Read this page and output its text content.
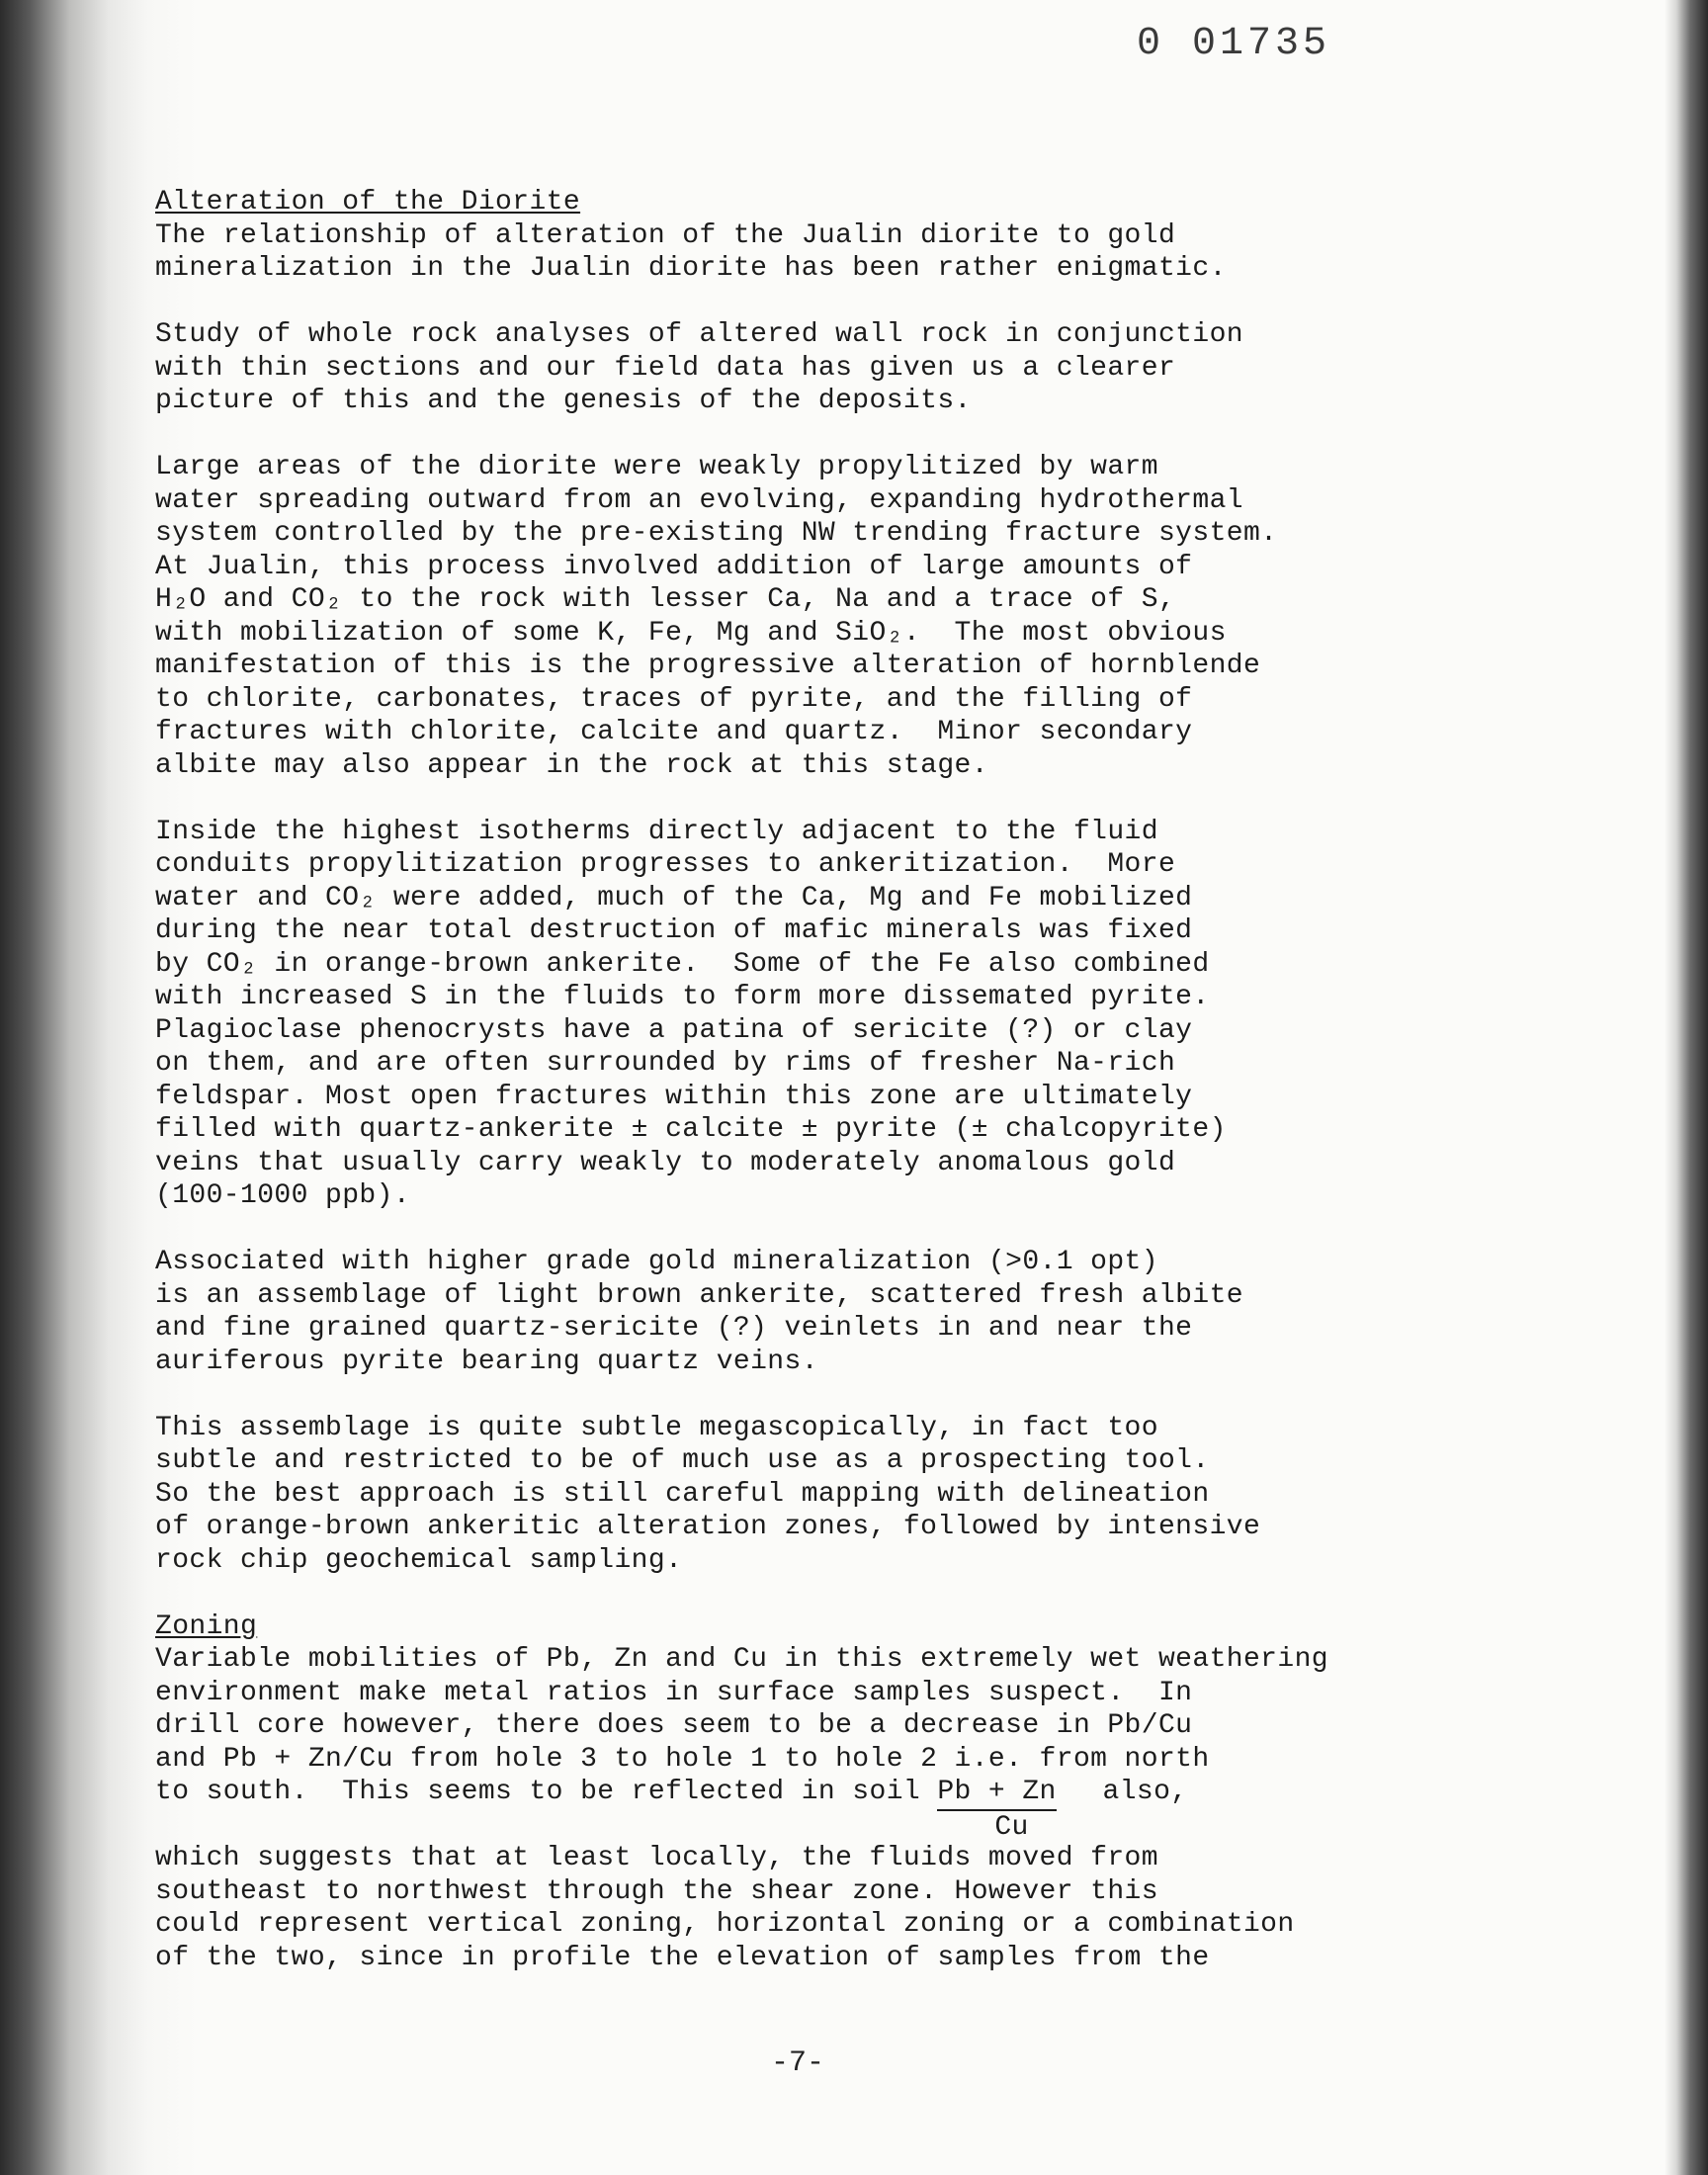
0 01735
Alteration of the Diorite
The relationship of alteration of the Jualin diorite to gold
mineralization in the Jualin diorite has been rather enigmatic.
Study of whole rock analyses of altered wall rock in conjunction
with thin sections and our field data has given us a clearer
picture of this and the genesis of the deposits.
Large areas of the diorite were weakly propylitized by warm
water spreading outward from an evolving, expanding hydrothermal
system controlled by the pre-existing NW trending fracture system.
At Jualin, this process involved addition of large amounts of
H₂O and CO₂ to the rock with lesser Ca, Na and a trace of S,
with mobilization of some K, Fe, Mg and SiO₂.  The most obvious
manifestation of this is the progressive alteration of hornblende
to chlorite, carbonates, traces of pyrite, and the filling of
fractures with chlorite, calcite and quartz.  Minor secondary
albite may also appear in the rock at this stage.
Inside the highest isotherms directly adjacent to the fluid
conduits propylitization progresses to ankeritization.  More
water and CO₂ were added, much of the Ca, Mg and Fe mobilized
during the near total destruction of mafic minerals was fixed
by CO₂ in orange-brown ankerite.  Some of the Fe also combined
with increased S in the fluids to form more dissemated pyrite.
Plagioclase phenocrysts have a patina of sericite (?) or clay
on them, and are often surrounded by rims of fresher Na-rich
feldspar. Most open fractures within this zone are ultimately
filled with quartz-ankerite ± calcite ± pyrite (± chalcopyrite)
veins that usually carry weakly to moderately anomalous gold
(100-1000 ppb).
Associated with higher grade gold mineralization (>0.1 opt)
is an assemblage of light brown ankerite, scattered fresh albite
and fine grained quartz-sericite (?) veinlets in and near the
auriferous pyrite bearing quartz veins.
This assemblage is quite subtle megascopically, in fact too
subtle and restricted to be of much use as a prospecting tool.
So the best approach is still careful mapping with delineation
of orange-brown ankeritic alteration zones, followed by intensive
rock chip geochemical sampling.
Zoning
Variable mobilities of Pb, Zn and Cu in this extremely wet weathering
environment make metal ratios in surface samples suspect.  In
drill core however, there does seem to be a decrease in Pb/Cu
and Pb + Zn/Cu from hole 3 to hole 1 to hole 2 i.e. from north
to south.  This seems to be reflected in soil $\frac{Pb + Zn}{Cu}$ also,
which suggests that at least locally, the fluids moved from
southeast to northwest through the shear zone. However this
could represent vertical zoning, horizontal zoning or a combination
of the two, since in profile the elevation of samples from the
-7-
